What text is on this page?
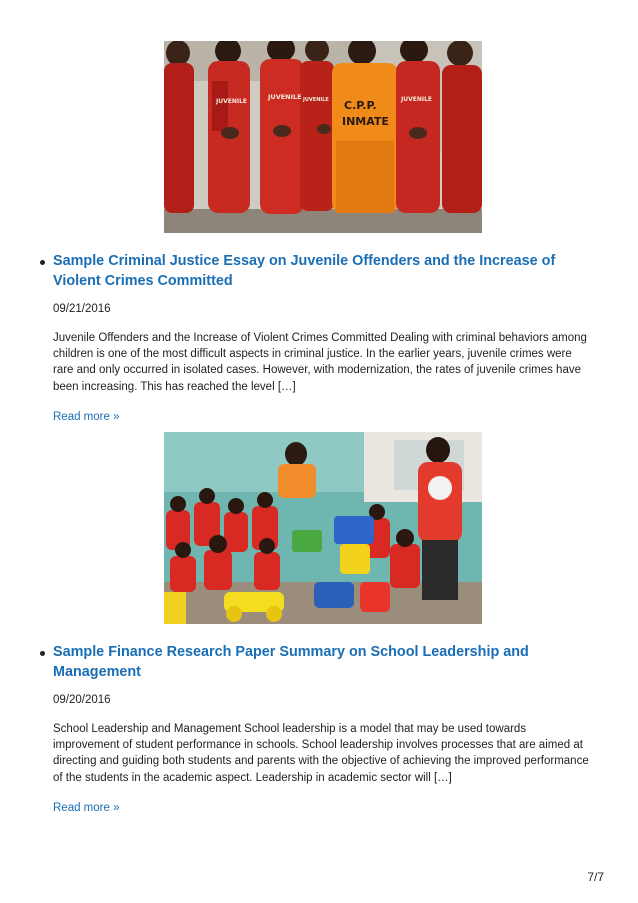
JUVENILE
JUVENILE JUVENILE	JUVENILE
C.P.P.
INMATE
Sample Criminal Justice Essay on Juvenile Offenders and the Increase of Violent Crimes Committed
09/21/2016

Juvenile Offenders and the Increase of Violent Crimes Committed Dealing with criminal behaviors among children is one of the most difficult aspects in criminal justice. In the earlier years, juvenile crimes were rare and only occurred in isolated cases. However, with modernization, the rates of juvenile crimes have been increasing. This has reached the level […]

Read more »
Sample Finance Research Paper Summary on School Leadership and Management
09/20/2016

School Leadership and Management School leadership is a model that may be used towards improvement of student performance in schools. School leadership involves processes that are aimed at directing and guiding both students and parents with the objective of achieving the improved performance of the students in the academic aspect. Leadership in academic sector will […]

Read more »
7/7
